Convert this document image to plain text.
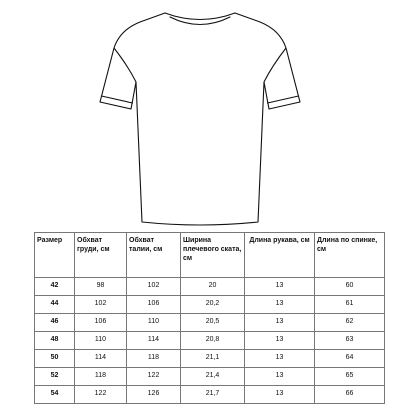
Размер	Обхват груди, см	Обхват талии, см	Ширина плечевого ската, см	Длина рукава, см	Длина по спинке, см
42	98	102	20	13	60
44	102	106	20,2	13	61
46	106	110	20,5	13	62
48	110	114	20,8	13	63
50	114	118	21,1	13	64
52	118	122	21,4	13	65
54	122	126	21,7	13	66
